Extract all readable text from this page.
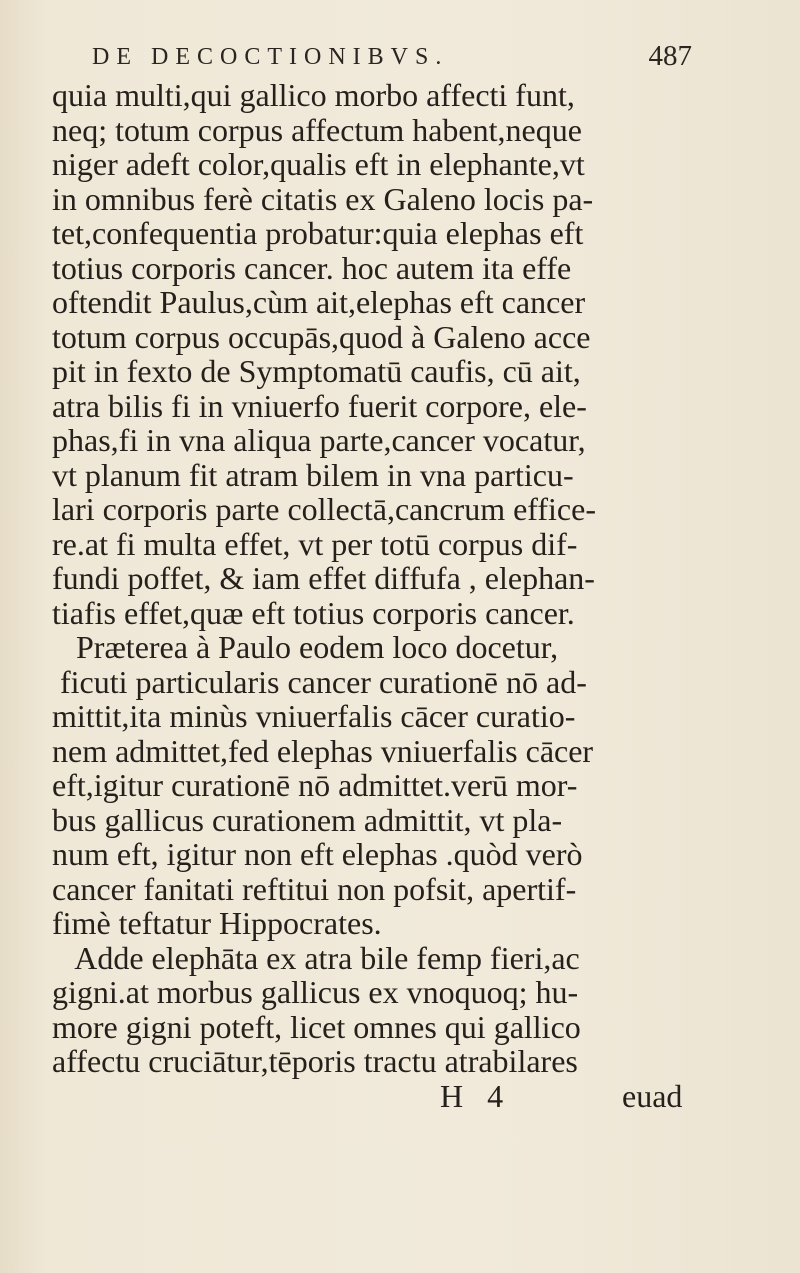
DE DECOCTIONIBVS.	487
quia multi,qui gallico morbo affecti funt,
neq; totum corpus affectum habent,neque
niger adeft color,qualis eft in elephante,vt
in omnibus ferè citatis ex Galeno locis pa-
tet,confequentia probatur:quia elephas eft
totius corporis cancer. hoc autem ita effe
oftendit Paulus,cùm ait,elephas eft cancer
totum corpus occupās,quod à Galeno acce
pit in fexto de Symptomatū caufis, cū ait,
atra bilis fi in vniuerfo fuerit corpore, ele-
phas,fi in vna aliqua parte,cancer vocatur,
vt planum fit atram bilem in vna particu-
lari corporis parte collectā,cancrum effice-
re.at fi multa effet, vt per totū corpus dif-
fundi poffet, & iam effet diffufa , elephan-
tiafis effet,quæ eft totius corporis cancer.
Præterea à Paulo eodem loco docetur,
ficuti particularis cancer curationē nō ad-
mittit,ita minùs vniuerfalis cācer curatio-
nem admittet,fed elephas vniuerfalis cācer
eft,igitur curationē nō admittet.verū mor-
bus gallicus curationem admittit, vt pla-
num eft, igitur non eft elephas .quòd verò
cancer fanitati reftitui non pofsit, apertif-
fimè teftatur Hippocrates.
Adde elephāta ex atra bile femp fieri,ac
gigni.at morbus gallicus ex vnoquoq; hu-
more gigni poteft, licet omnes qui gallico
affectu cruciātur,tēporis tractu atrabilares

H 4

	euad
